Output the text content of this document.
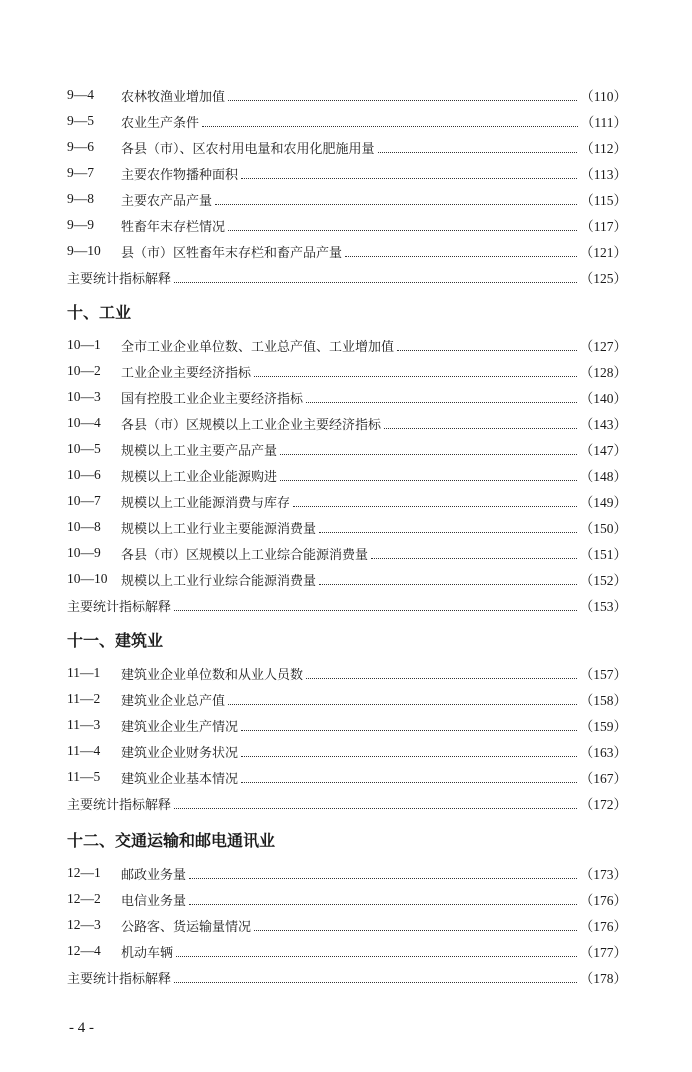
9—4	农林牧渔业增加值	（110）
9—5	农业生产条件	（111）
9—6	各县（市）、区农村用电量和农用化肥施用量	（112）
9—7	主要农作物播种面积	（113）
9—8	主要农产品产量	（115）
9—9	牲畜年末存栏情况	（117）
9—10	县（市）区牲畜年末存栏和畜产品产量	（121）
主要统计指标解释	（125）
十、工业
10—1	全市工业企业单位数、工业总产值、工业增加值	（127）
10—2	工业企业主要经济指标	（128）
10—3	国有控股工业企业主要经济指标	（140）
10—4	各县（市）区规模以上工业企业主要经济指标	（143）
10—5	规模以上工业主要产品产量	（147）
10—6	规模以上工业企业能源购进	（148）
10—7	规模以上工业能源消费与库存	（149）
10—8	规模以上工业行业主要能源消费量	（150）
10—9	各县（市）区规模以上工业综合能源消费量	（151）
10—10	规模以上工业行业综合能源消费量	（152）
主要统计指标解释	（153）
十一、建筑业
11—1	建筑业企业单位数和从业人员数	（157）
11—2	建筑业企业总产值	（158）
11—3	建筑业企业生产情况	（159）
11—4	建筑业企业财务状况	（163）
11—5	建筑业企业基本情况	（167）
主要统计指标解释	（172）
十二、交通运输和邮电通讯业
12—1	邮政业务量	（173）
12—2	电信业务量	（176）
12—3	公路客、货运输量情况	（176）
12—4	机动车辆	（177）
主要统计指标解释	（178）
- 4 -
